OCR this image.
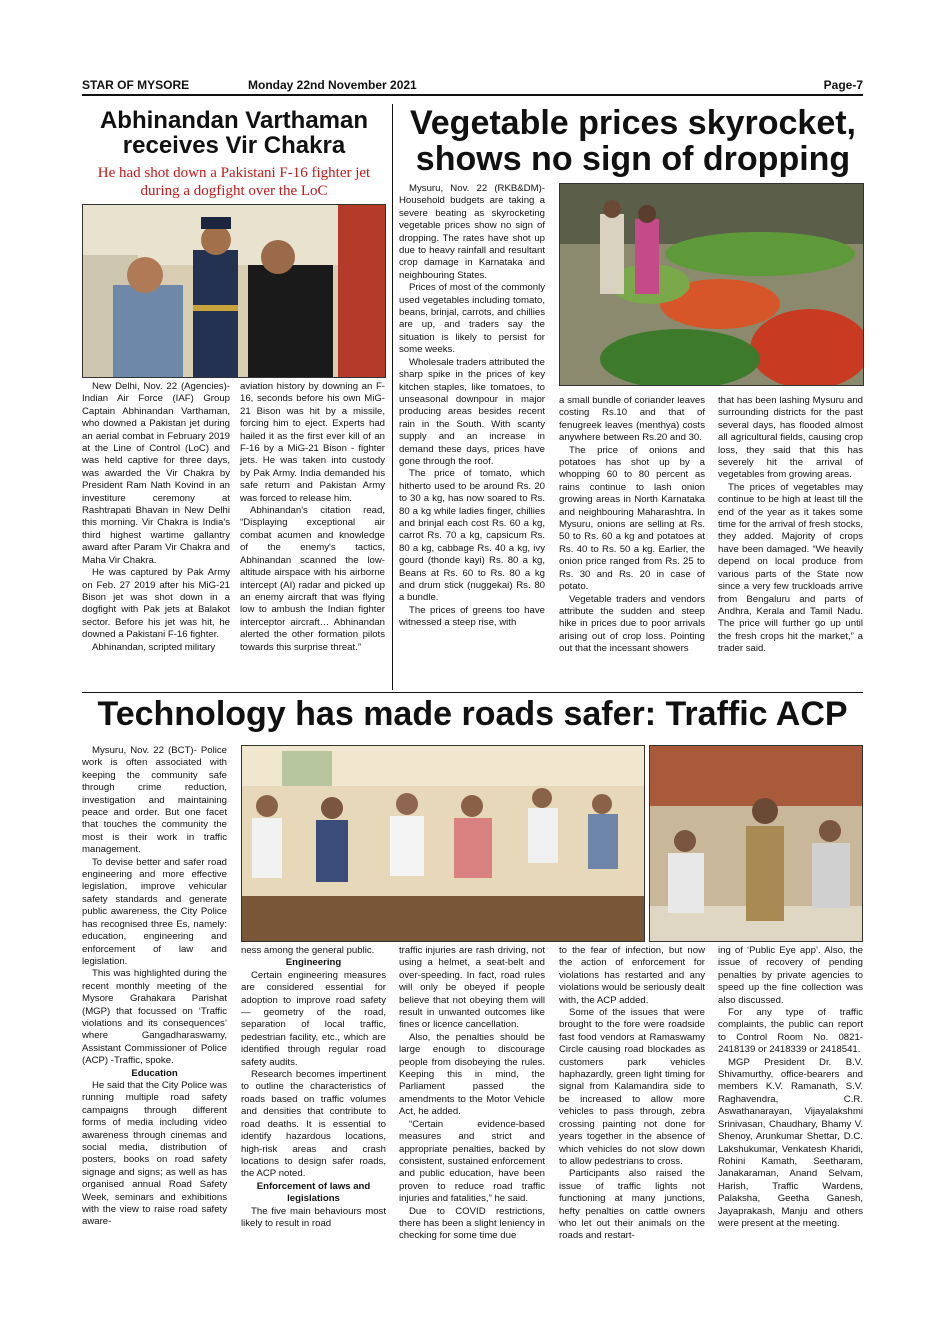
STAR OF MYSORE	Monday 22nd November 2021	Page-7
Abhinandan Varthaman receives Vir Chakra
He had shot down a Pakistani F-16 fighter jet during a dogfight over the LoC

New Delhi, Nov. 22 (Agencies)- Indian Air Force (IAF) Group Captain Abhinandan Varthaman, who downed a Pakistan jet during an aerial combat in February 2019 at the Line of Control (LoC) and was held captive for three days, was awarded the Vir Chakra by President Ram Nath Kovind in an investiture ceremony at Rashtrapati Bhavan in New Delhi this morning. Vir Chakra is India's third highest wartime gallantry award after Param Vir Chakra and Maha Vir Chakra.

He was captured by Pak Army on Feb. 27 2019 after his MiG-21 Bison jet was shot down in a dogfight with Pak jets at Balakot sector. Before his jet was hit, he downed a Pakistani F-16 fighter.

Abhinandan, scripted military

aviation history by downing an F-16, seconds before his own MiG-21 Bison was hit by a missile, forcing him to eject. Experts had hailed it as the first ever kill of an F-16 by a MiG-21 Bison - fighter jets. He was taken into custody by Pak Army. India demanded his safe return and Pakistan Army was forced to release him.

Abhinandan's citation read, “Displaying exceptional air combat acumen and knowledge of the enemy's tactics, Abhinandan scanned the low-altitude airspace with his airborne intercept (AI) radar and picked up an enemy aircraft that was flying low to ambush the Indian fighter interceptor aircraft… Abhinandan alerted the other formation pilots towards this surprise threat.”

Vegetable prices skyrocket, shows no sign of dropping

Mysuru, Nov. 22 (RKB&DM)- Household budgets are taking a severe beating as skyrocketing vegetable prices show no sign of dropping. The rates have shot up due to heavy rainfall and resultant crop damage in Karnataka and neighbouring States.

Prices of most of the commonly used vegetables including tomato, beans, brinjal, carrots, and chillies are up, and traders say the situation is likely to persist for some weeks.

Wholesale traders attributed the sharp spike in the prices of key kitchen staples, like tomatoes, to unseasonal downpour in major producing areas besides recent rain in the South. With scanty supply and an increase in demand these days, prices have gone through the roof.

The price of tomato, which hitherto used to be around Rs. 20 to 30 a kg, has now soared to Rs. 80 a kg while ladies finger, chillies and brinjal each cost Rs. 60 a kg, carrot Rs. 70 a kg, capsicum Rs. 80 a kg, cabbage Rs. 40 a kg, ivy gourd (thonde kayi) Rs. 80 a kg, Beans at Rs. 60 to Rs. 80 a kg and drum stick (nuggekai) Rs. 80 a bundle.

The prices of greens too have witnessed a steep rise, with

a small bundle of coriander leaves costing Rs.10 and that of fenugreek leaves (menthya) costs anywhere between Rs.20 and 30.

The price of onions and potatoes has shot up by a whopping 60 to 80 percent as rains continue to lash onion growing areas in North Karnataka and neighbouring Maharashtra. In Mysuru, onions are selling at Rs. 50 to Rs. 60 a kg and potatoes at Rs. 40 to Rs. 50 a kg. Earlier, the onion price ranged from Rs. 25 to Rs. 30 and Rs. 20 in case of potato.

Vegetable traders and vendors attribute the sudden and steep hike in prices due to poor arrivals arising out of crop loss. Pointing out that the incessant showers

that has been lashing Mysuru and surrounding districts for the past several days, has flooded almost all agricultural fields, causing crop loss, they said that this has severely hit the arrival of vegetables from growing areas.

The prices of vegetables may continue to be high at least till the end of the year as it takes some time for the arrival of fresh stocks, they added. Majority of crops have been damaged. “We heavily depend on local produce from various parts of the State now since a very few truckloads arrive from Bengaluru and parts of Andhra, Kerala and Tamil Nadu. The price will further go up until the fresh crops hit the market,” a trader said.

Technology has made roads safer: Traffic ACP

Mysuru, Nov. 22 (BCT)- Police work is often associated with keeping the community safe through crime reduction, investigation and maintaining peace and order. But one facet that touches the community the most is their work in traffic management.

To devise better and safer road engineering and more effective legislation, improve vehicular safety standards and generate public awareness, the City Police has recognised three Es, namely: education, engineering and enforcement of law and legislation.

This was highlighted during the recent monthly meeting of the Mysore Grahakara Parishat (MGP) that focussed on ‘Traffic violations and its consequences’ where Gangadharaswamy, Assistant Commissioner of Police (ACP) -Traffic, spoke.

Education

He said that the City Police was running multiple road safety campaigns through different forms of media including video awareness through cinemas and social media, distribution of posters, books on road safety signage and signs; as well as has organised annual Road Safety Week, seminars and exhibitions with the view to raise road safety aware-

ness among the general public.

Engineering

Certain engineering measures are considered essential for adoption to improve road safety — geometry of the road, separation of local traffic, pedestrian facility, etc., which are identified through regular road safety audits.

Research becomes impertinent to outline the characteristics of roads based on traffic volumes and densities that contribute to road deaths. It is essential to identify hazardous locations, high-risk areas and crash locations to design safer roads, the ACP noted.

Enforcement of laws and legislations

The five main behaviours most likely to result in road

traffic injuries are rash driving, not using a helmet, a seat-belt and over-speeding. In fact, road rules will only be obeyed if people believe that not obeying them will result in unwanted outcomes like fines or licence cancellation.

Also, the penalties should be large enough to discourage people from disobeying the rules. Keeping this in mind, the Parliament passed the amendments to the Motor Vehicle Act, he added.

“Certain evidence-based measures and strict and appropriate penalties, backed by consistent, sustained enforcement and public education, have been proven to reduce road traffic injuries and fatalities,” he said.

Due to COVID restrictions, there has been a slight leniency in checking for some time due

to the fear of infection, but now the action of enforcement for violations has restarted and any violations would be seriously dealt with, the ACP added.

Some of the issues that were brought to the fore were roadside fast food vendors at Ramaswamy Circle causing road blockades as customers park vehicles haphazardly, green light timing for signal from Kalamandira side to be increased to allow more vehicles to pass through, zebra crossing painting not done for years together in the absence of which vehicles do not slow down to allow pedestrians to cross.

Participants also raised the issue of traffic lights not functioning at many junctions, hefty penalties on cattle owners who let out their animals on the roads and restart-

ing of ‘Public Eye app’. Also, the issue of recovery of pending penalties by private agencies to speed up the fine collection was also discussed.

For any type of traffic complaints, the public can report to Control Room No. 0821-2418139 or 2418339 or 2418541.

MGP President Dr. B.V. Shivamurthy, office-bearers and members K.V. Ramanath, S.V. Raghavendra, C.R. Aswathanarayan, Vijayalakshmi Srinivasan, Chaudhary, Bhamy V. Shenoy, Arunkumar Shettar, D.C. Lakshukumar, Venkatesh Kharidi, Rohini Kamath, Seetharam, Janakaraman, Anand Selvam, Harish, Traffic Wardens, Palaksha, Geetha Ganesh, Jayaprakash, Manju and others were present at the meeting.
